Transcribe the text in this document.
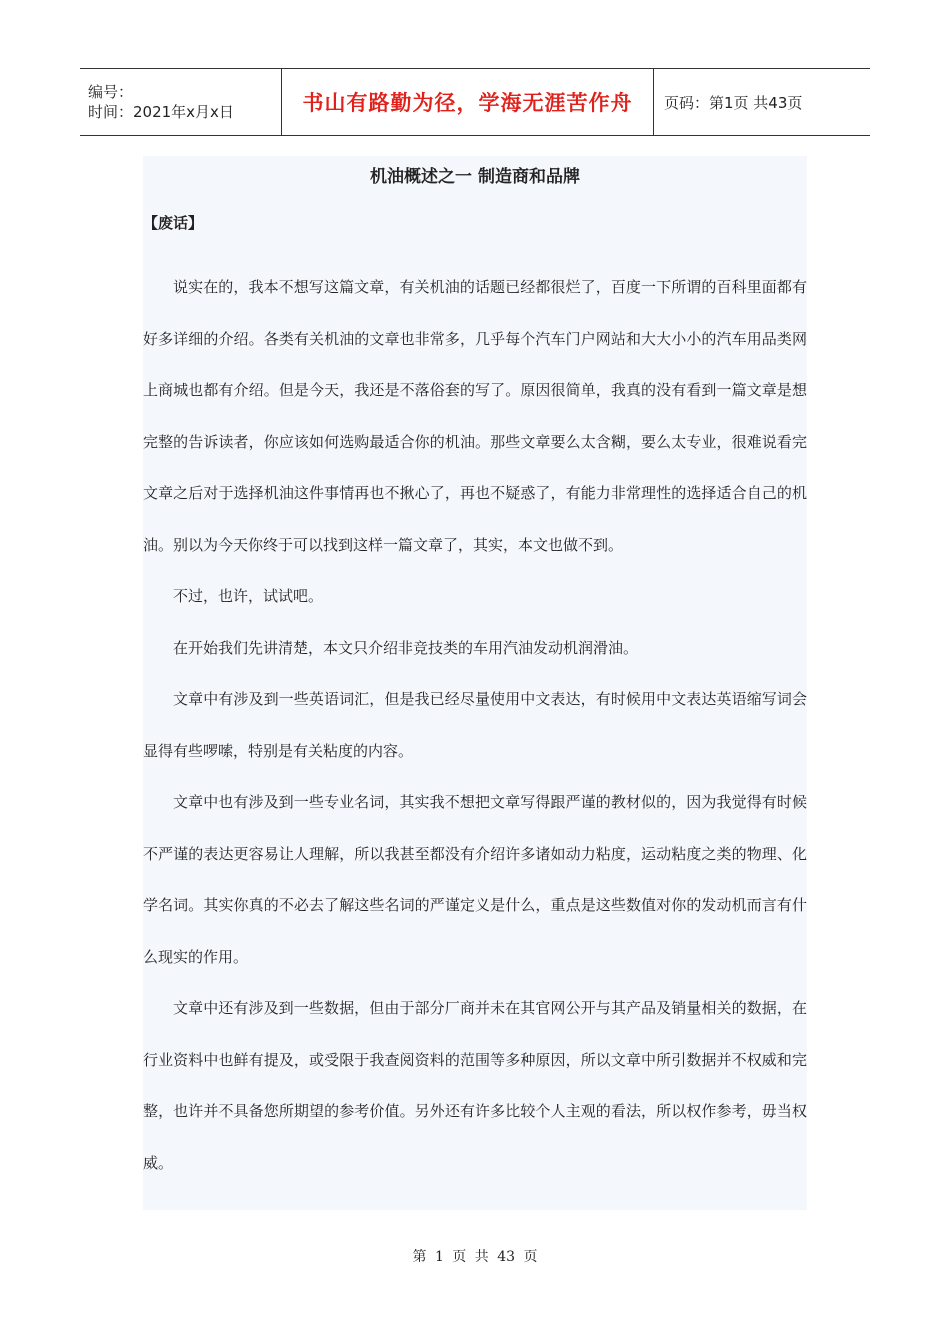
编号：
时间：2021年x月x日	书山有路勤为径，学海无涯苦作舟 页码：第1页 共43页
机油概述之一 制造商和品牌
【废话】

说实在的，我本不想写这篇文章，有关机油的话题已经都很烂了，百度一下所谓的百科里面都有好多详细的介绍。各类有关机油的文章也非常多，几乎每个汽车门户网站和大大小小的汽车用品类网上商城也都有介绍。但是今天，我还是不落俗套的写了。原因很简单，我真的没有看到一篇文章是想完整的告诉读者，你应该如何选购最适合你的机油。那些文章要么太含糊，要么太专业，很难说看完文章之后对于选择机油这件事情再也不揪心了，再也不疑惑了，有能力非常理性的选择适合自己的机油。别以为今天你终于可以找到这样一篇文章了，其实，本文也做不到。

不过，也许，试试吧。

在开始我们先讲清楚，本文只介绍非竞技类的车用汽油发动机润滑油。

文章中有涉及到一些英语词汇，但是我已经尽量使用中文表达，有时候用中文表达英语缩写词会显得有些啰嗦，特别是有关粘度的内容。

文章中也有涉及到一些专业名词，其实我不想把文章写得跟严谨的教材似的，因为我觉得有时候不严谨的表达更容易让人理解，所以我甚至都没有介绍许多诸如动力粘度，运动粘度之类的物理、化学名词。其实你真的不必去了解这些名词的严谨定义是什么，重点是这些数值对你的发动机而言有什么现实的作用。

文章中还有涉及到一些数据，但由于部分厂商并未在其官网公开与其产品及销量相关的数据，在行业资料中也鲜有提及，或受限于我查阅资料的范围等多种原因，所以文章中所引数据并不权威和完整，也许并不具备您所期望的参考价值。另外还有许多比较个人主观的看法，所以权作参考，毋当权威。

第 1 页 共 43 页
